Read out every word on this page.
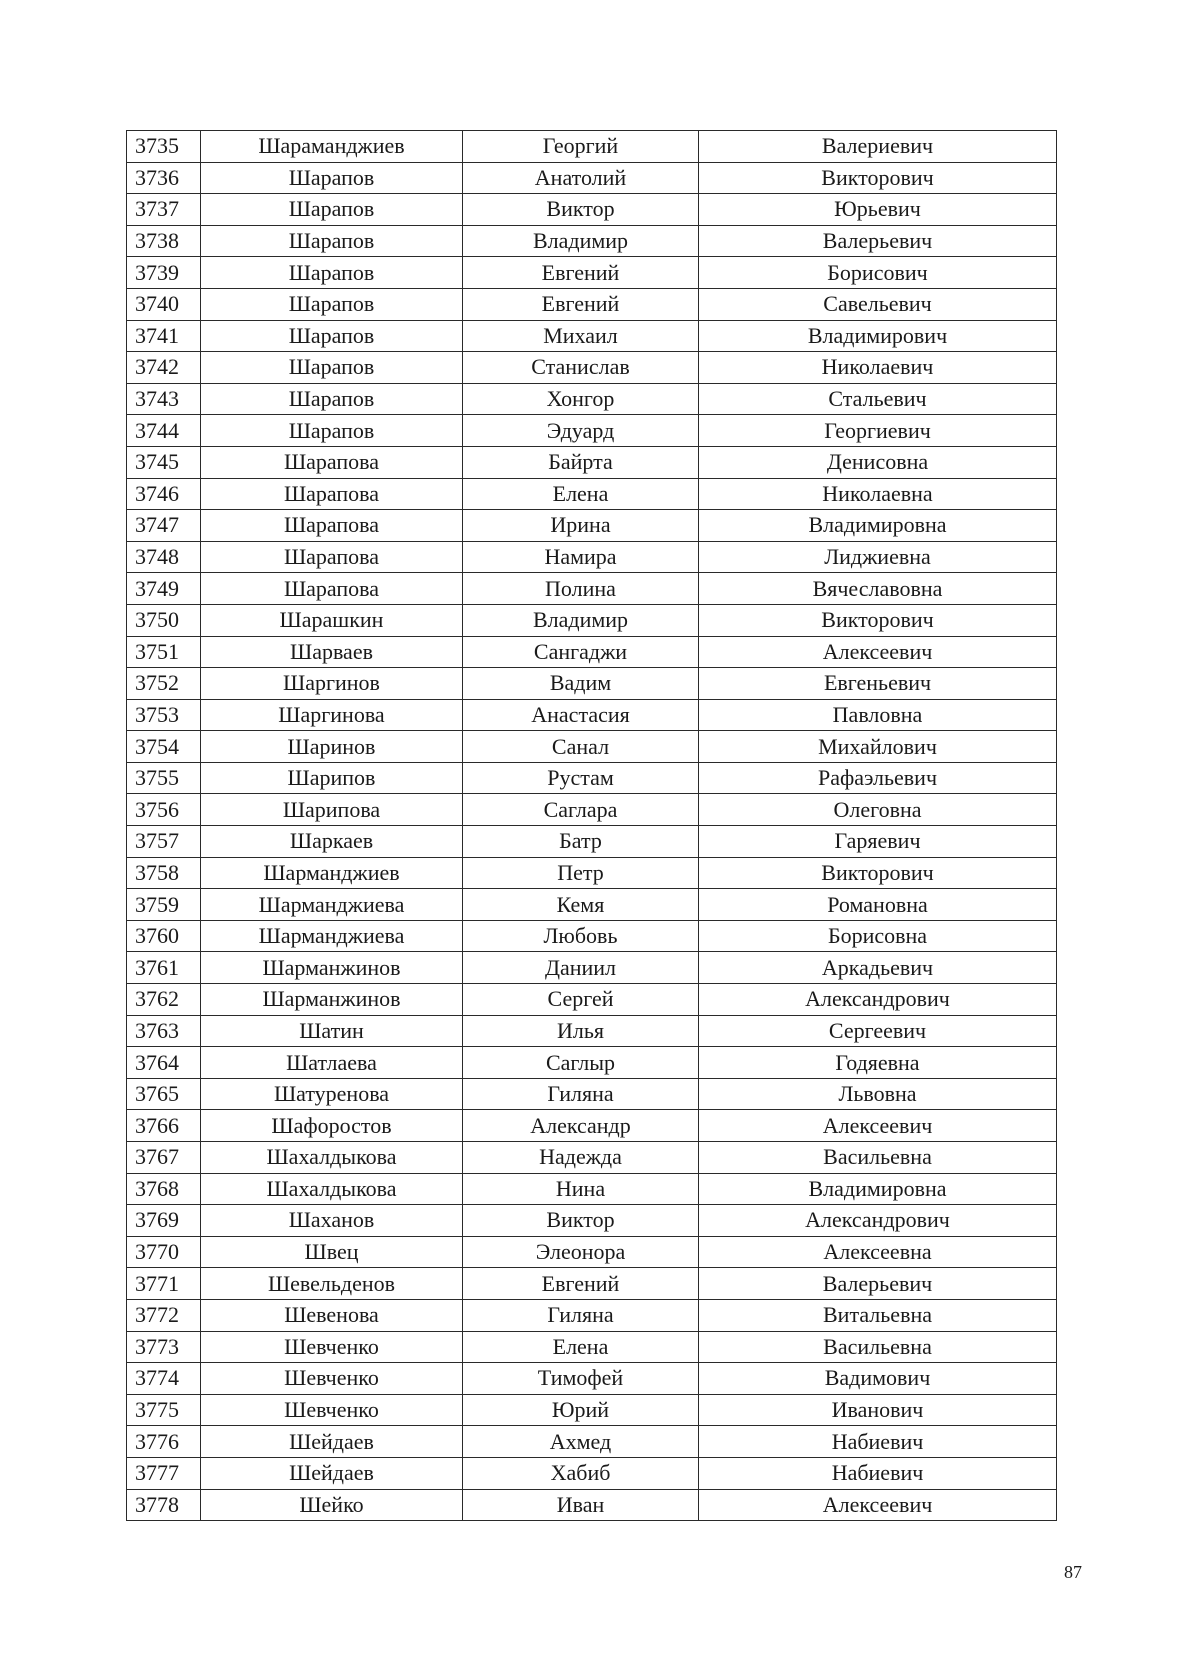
3735	Шараманджиев	Георгий	Валериевич
3736	Шарапов	Анатолий	Викторович
3737	Шарапов	Виктор	Юрьевич
3738	Шарапов	Владимир	Валерьевич
3739	Шарапов	Евгений	Борисович
3740	Шарапов	Евгений	Савельевич
3741	Шарапов	Михаил	Владимирович
3742	Шарапов	Станислав	Николаевич
3743	Шарапов	Хонгор	Стальевич
3744	Шарапов	Эдуард	Георгиевич
3745	Шарапова	Байрта	Денисовна
3746	Шарапова	Елена	Николаевна
3747	Шарапова	Ирина	Владимировна
3748	Шарапова	Намира	Лиджиевна
3749	Шарапова	Полина	Вячеславовна
3750	Шарашкин	Владимир	Викторович
3751	Шарваев	Сангаджи	Алексеевич
3752	Шаргинов	Вадим	Евгеньевич
3753	Шаргинова	Анастасия	Павловна
3754	Шаринов	Санал	Михайлович
3755	Шарипов	Рустам	Рафаэльевич
3756	Шарипова	Саглара	Олеговна
3757	Шаркаев	Батр	Гаряевич
3758	Шарманджиев	Петр	Викторович
3759	Шарманджиева	Кемя	Романовна
3760	Шарманджиева	Любовь	Борисовна
3761	Шарманжинов	Даниил	Аркадьевич
3762	Шарманжинов	Сергей	Александрович
3763	Шатин	Илья	Сергеевич
3764	Шатлаева	Саглыр	Годяевна
3765	Шатуренова	Гиляна	Львовна
3766	Шафоростов	Александр	Алексеевич
3767	Шахалдыкова	Надежда	Васильевна
3768	Шахалдыкова	Нина	Владимировна
3769	Шаханов	Виктор	Александрович
3770	Швец	Элеонора	Алексеевна
3771	Шевельденов	Евгений	Валерьевич
3772	Шевенова	Гиляна	Витальевна
3773	Шевченко	Елена	Васильевна
3774	Шевченко	Тимофей	Вадимович
3775	Шевченко	Юрий	Иванович
3776	Шейдаев	Ахмед	Набиевич
3777	Шейдаев	Хабиб	Набиевич
3778	Шейко	Иван	Алексеевич
87
